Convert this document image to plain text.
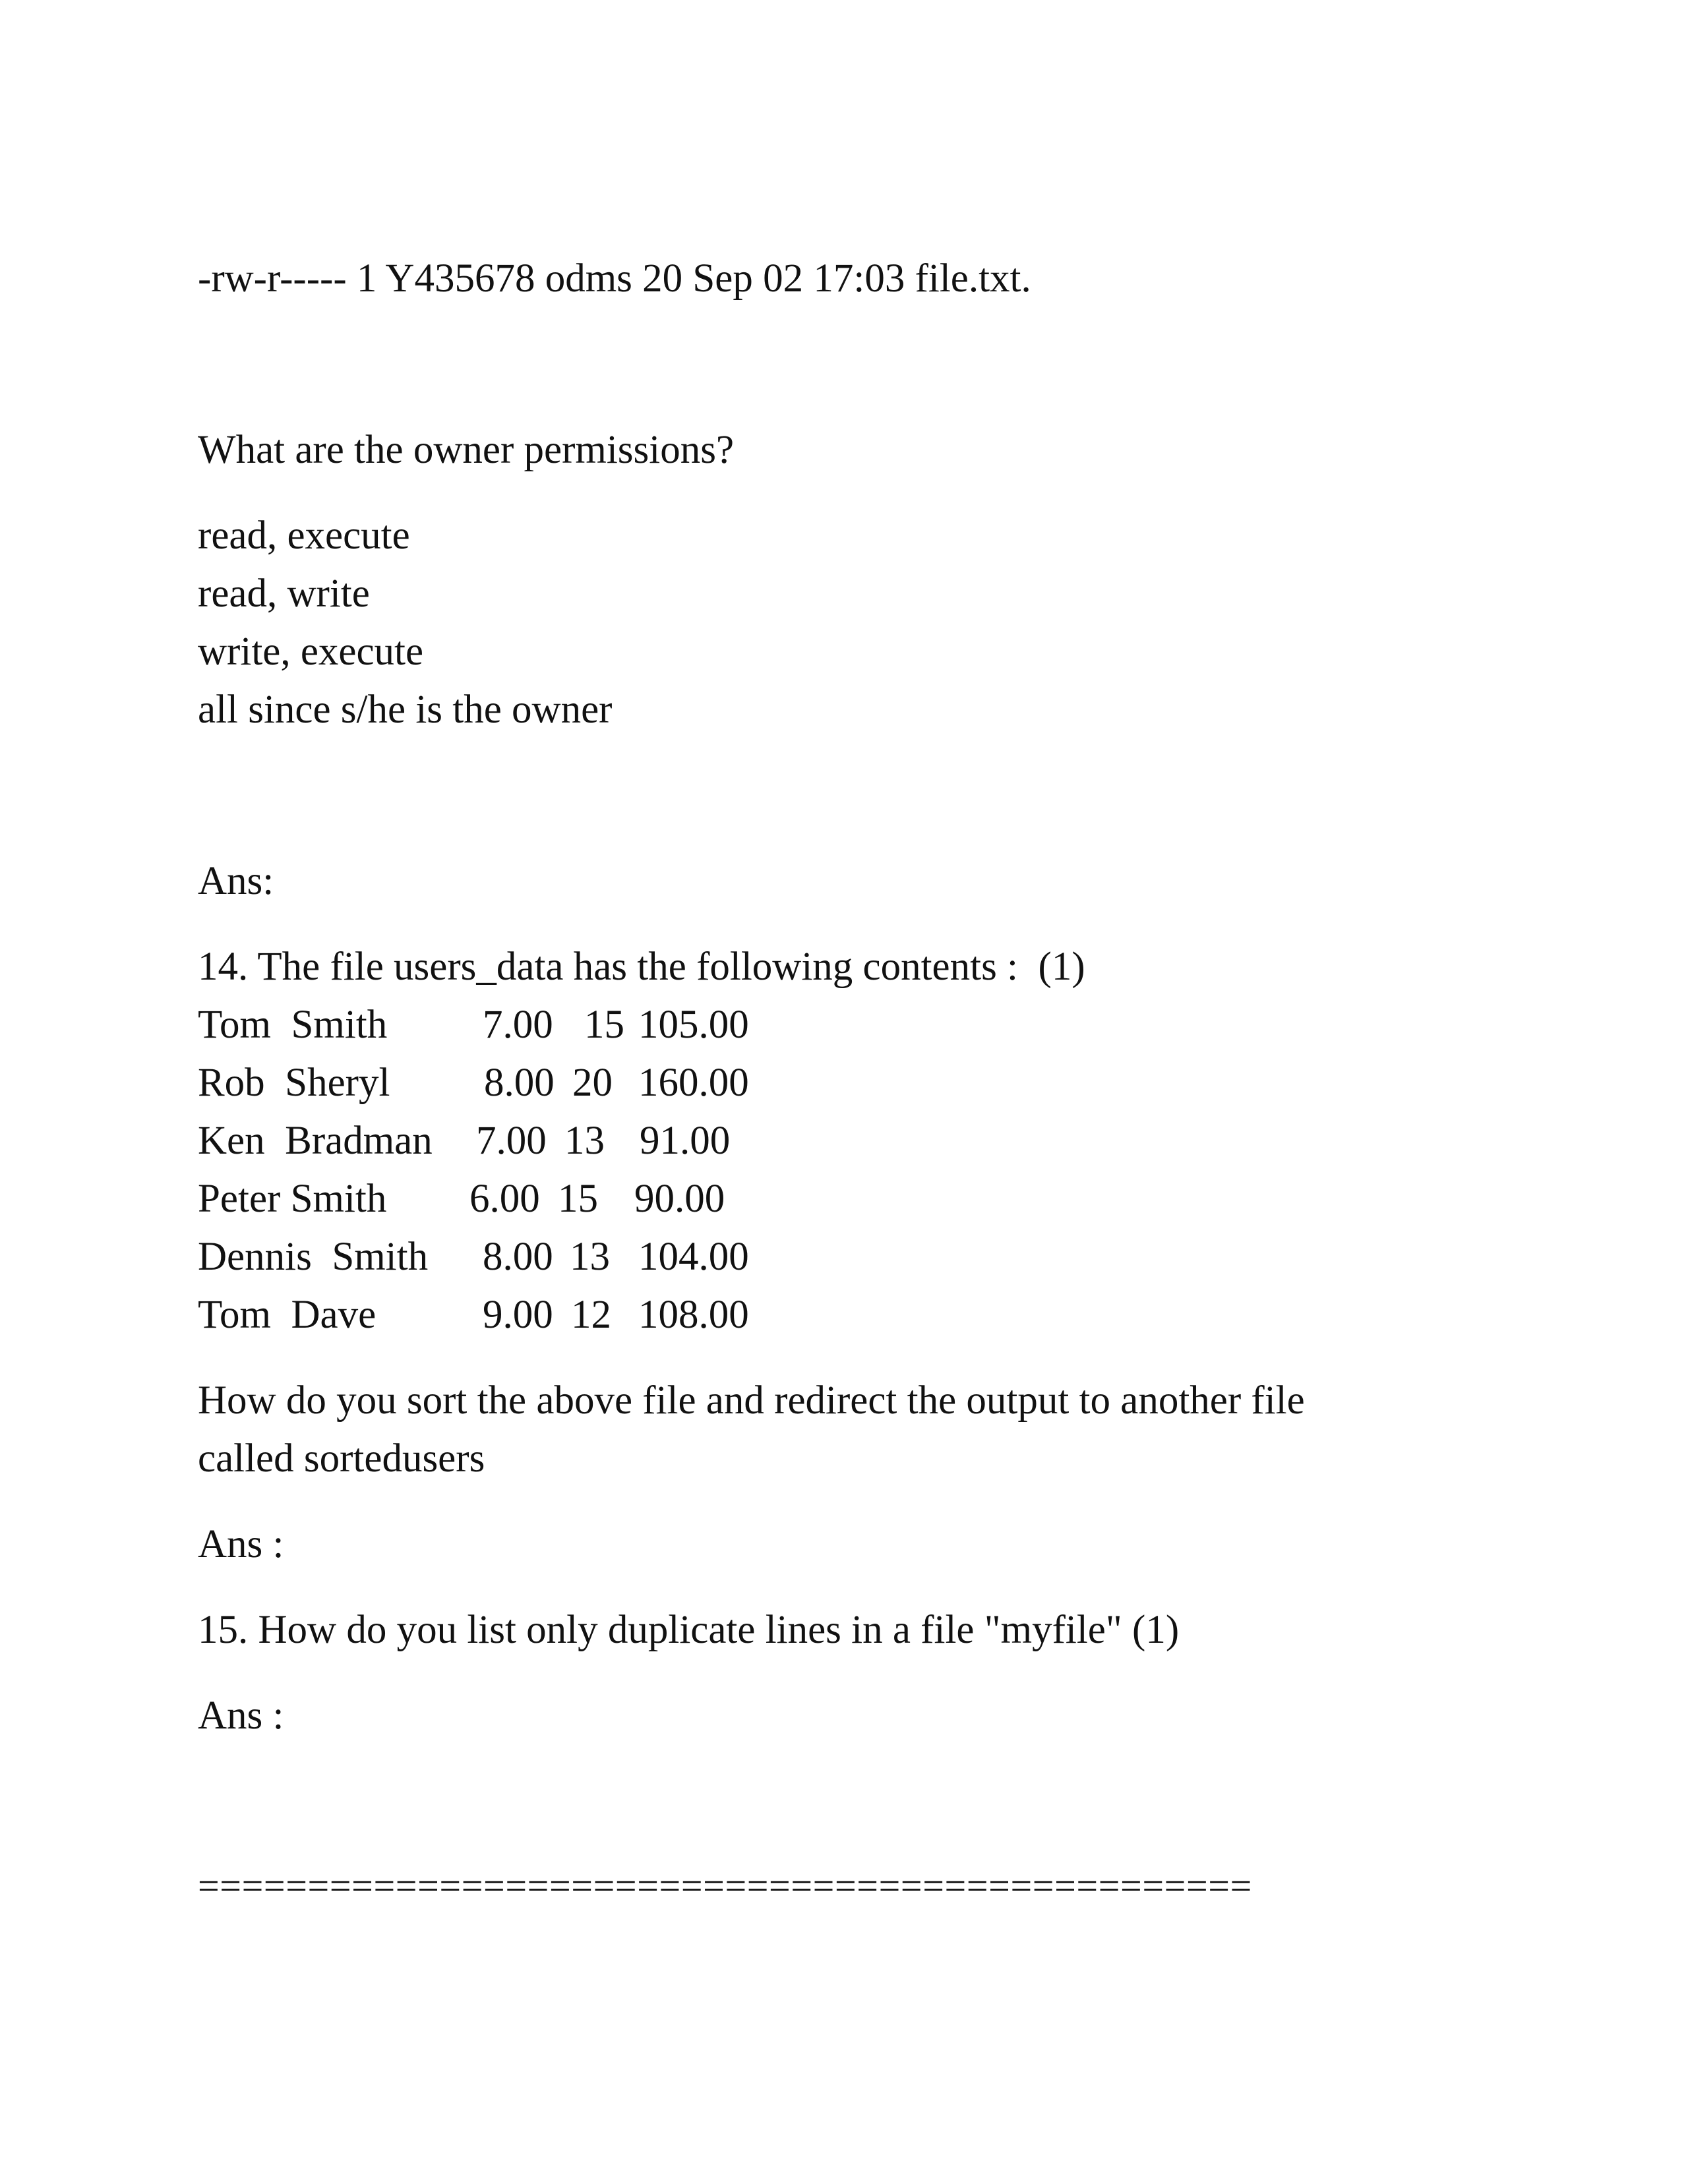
-rw-r----- 1 Y435678 odms 20 Sep 02 17:03 file.txt.
What are the owner permissions?
read, execute
read, write
write, execute
all since s/he is the owner
Ans:
14. The file users_data has the following contents :  (1)
Tom  Smith 7.00 15 105.00
Rob  Sheryl 8.00 20 160.00
Ken  Bradman 7.00 13 91.00
Peter Smith 6.00 15 90.00
Dennis  Smith 8.00 13 104.00
Tom  Dave	9.00 12 108.00
How do you sort the above file and redirect the output to another file
called sortedusers
Ans :
15. How do you list only duplicate lines in a file "myfile" (1)
Ans :
================================================
